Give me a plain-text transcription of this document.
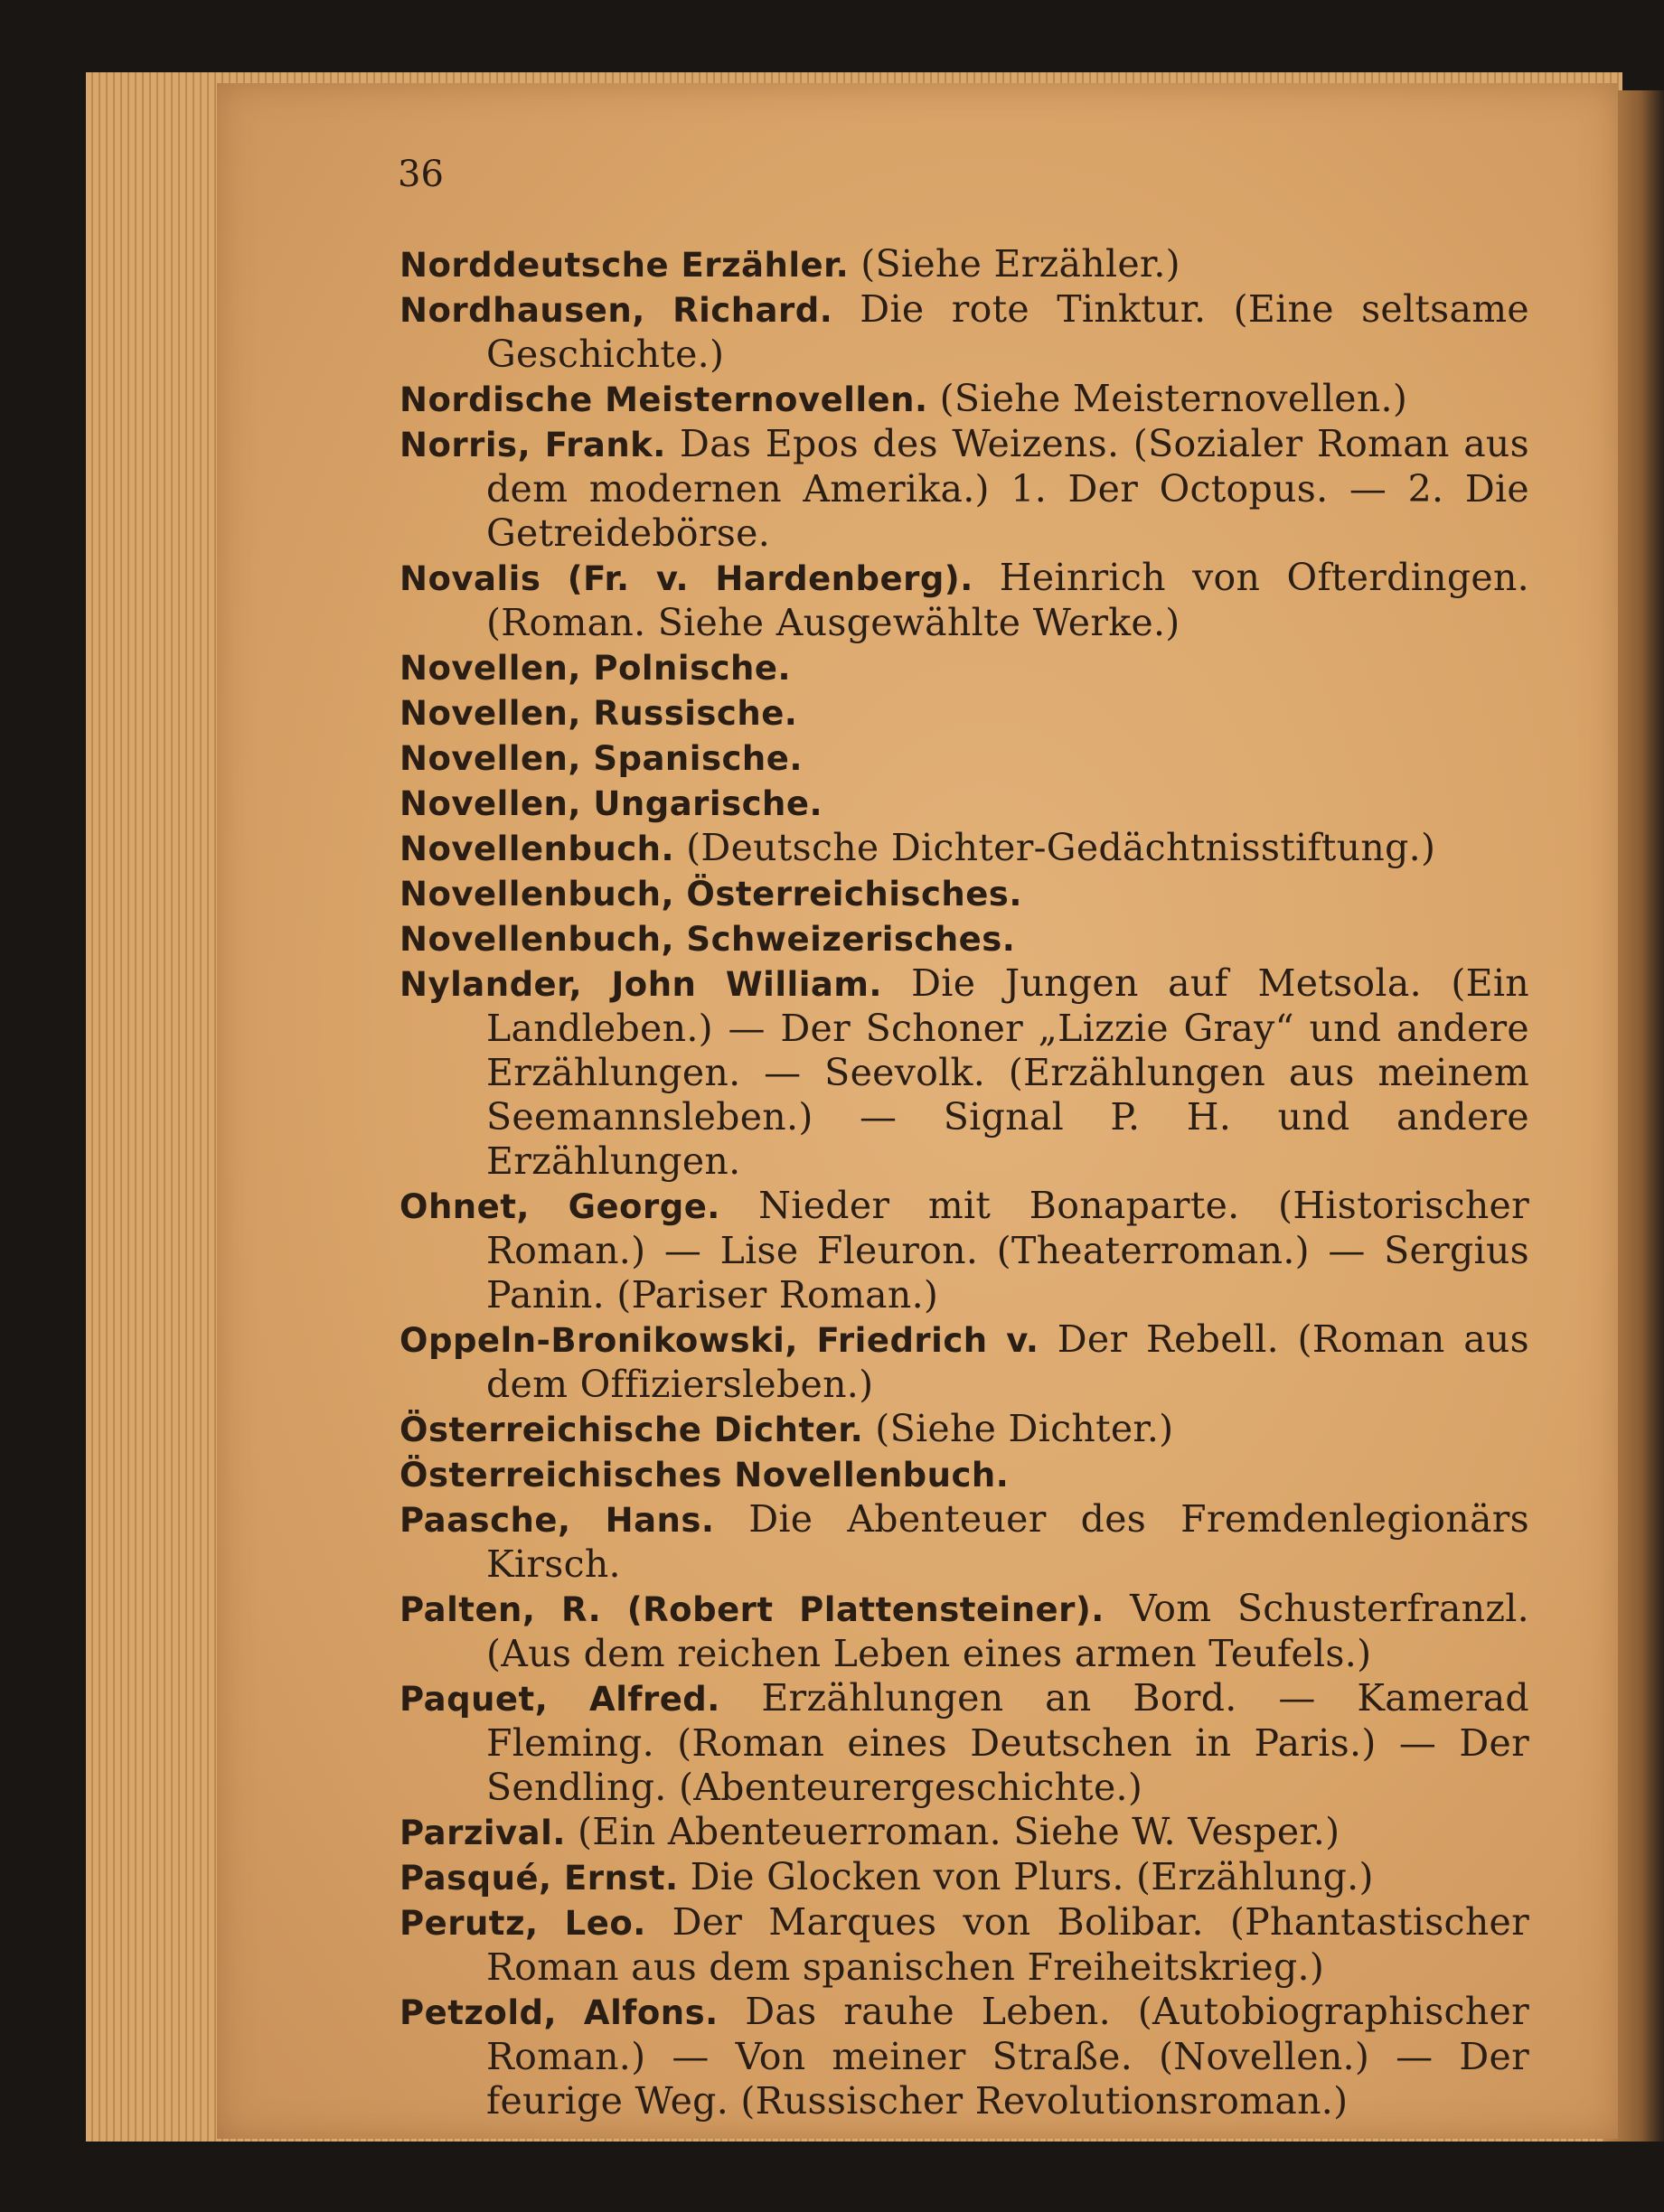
36
Norddeutsche Erzähler. (Siehe Erzähler.)
Nordhausen, Richard. Die rote Tinktur. (Eine seltsame Geschichte.)
Nordische Meisternovellen. (Siehe Meisternovellen.)
Norris, Frank. Das Epos des Weizens. (Sozialer Roman aus dem modernen Amerika.) 1. Der Octopus. — 2. Die Getreidebörse.
Novalis (Fr. v. Hardenberg). Heinrich von Ofterdingen. (Roman. Siehe Ausgewählte Werke.)
Novellen, Polnische.
Novellen, Russische.
Novellen, Spanische.
Novellen, Ungarische.
Novellenbuch. (Deutsche Dichter-Gedächtnisstiftung.)
Novellenbuch, Österreichisches.
Novellenbuch, Schweizerisches.
Nylander, John William. Die Jungen auf Metsola. (Ein Landleben.) — Der Schoner „Lizzie Gray“ und andere Erzählungen. — Seevolk. (Erzählungen aus meinem Seemannsleben.) — Signal P. H. und andere Erzählungen.
Ohnet, George. Nieder mit Bonaparte. (Historischer Roman.) — Lise Fleuron. (Theaterroman.) — Sergius Panin. (Pariser Roman.)
Oppeln-Bronikowski, Friedrich v. Der Rebell. (Roman aus dem Offiziersleben.)
Österreichische Dichter. (Siehe Dichter.)
Österreichisches Novellenbuch.
Paasche, Hans. Die Abenteuer des Fremdenlegionärs Kirsch.
Palten, R. (Robert Plattensteiner). Vom Schusterfranzl. (Aus dem reichen Leben eines armen Teufels.)
Paquet, Alfred. Erzählungen an Bord. — Kamerad Fleming. (Roman eines Deutschen in Paris.) — Der Sendling. (Abenteurergeschichte.)
Parzival. (Ein Abenteuerroman. Siehe W. Vesper.)
Pasqué, Ernst. Die Glocken von Plurs. (Erzählung.)
Perutz, Leo. Der Marques von Bolibar. (Phantastischer Roman aus dem spanischen Freiheitskrieg.)
Petzold, Alfons. Das rauhe Leben. (Autobiographischer Roman.) — Von meiner Straße. (Novellen.) — Der feurige Weg. (Russischer Revolutionsroman.)
